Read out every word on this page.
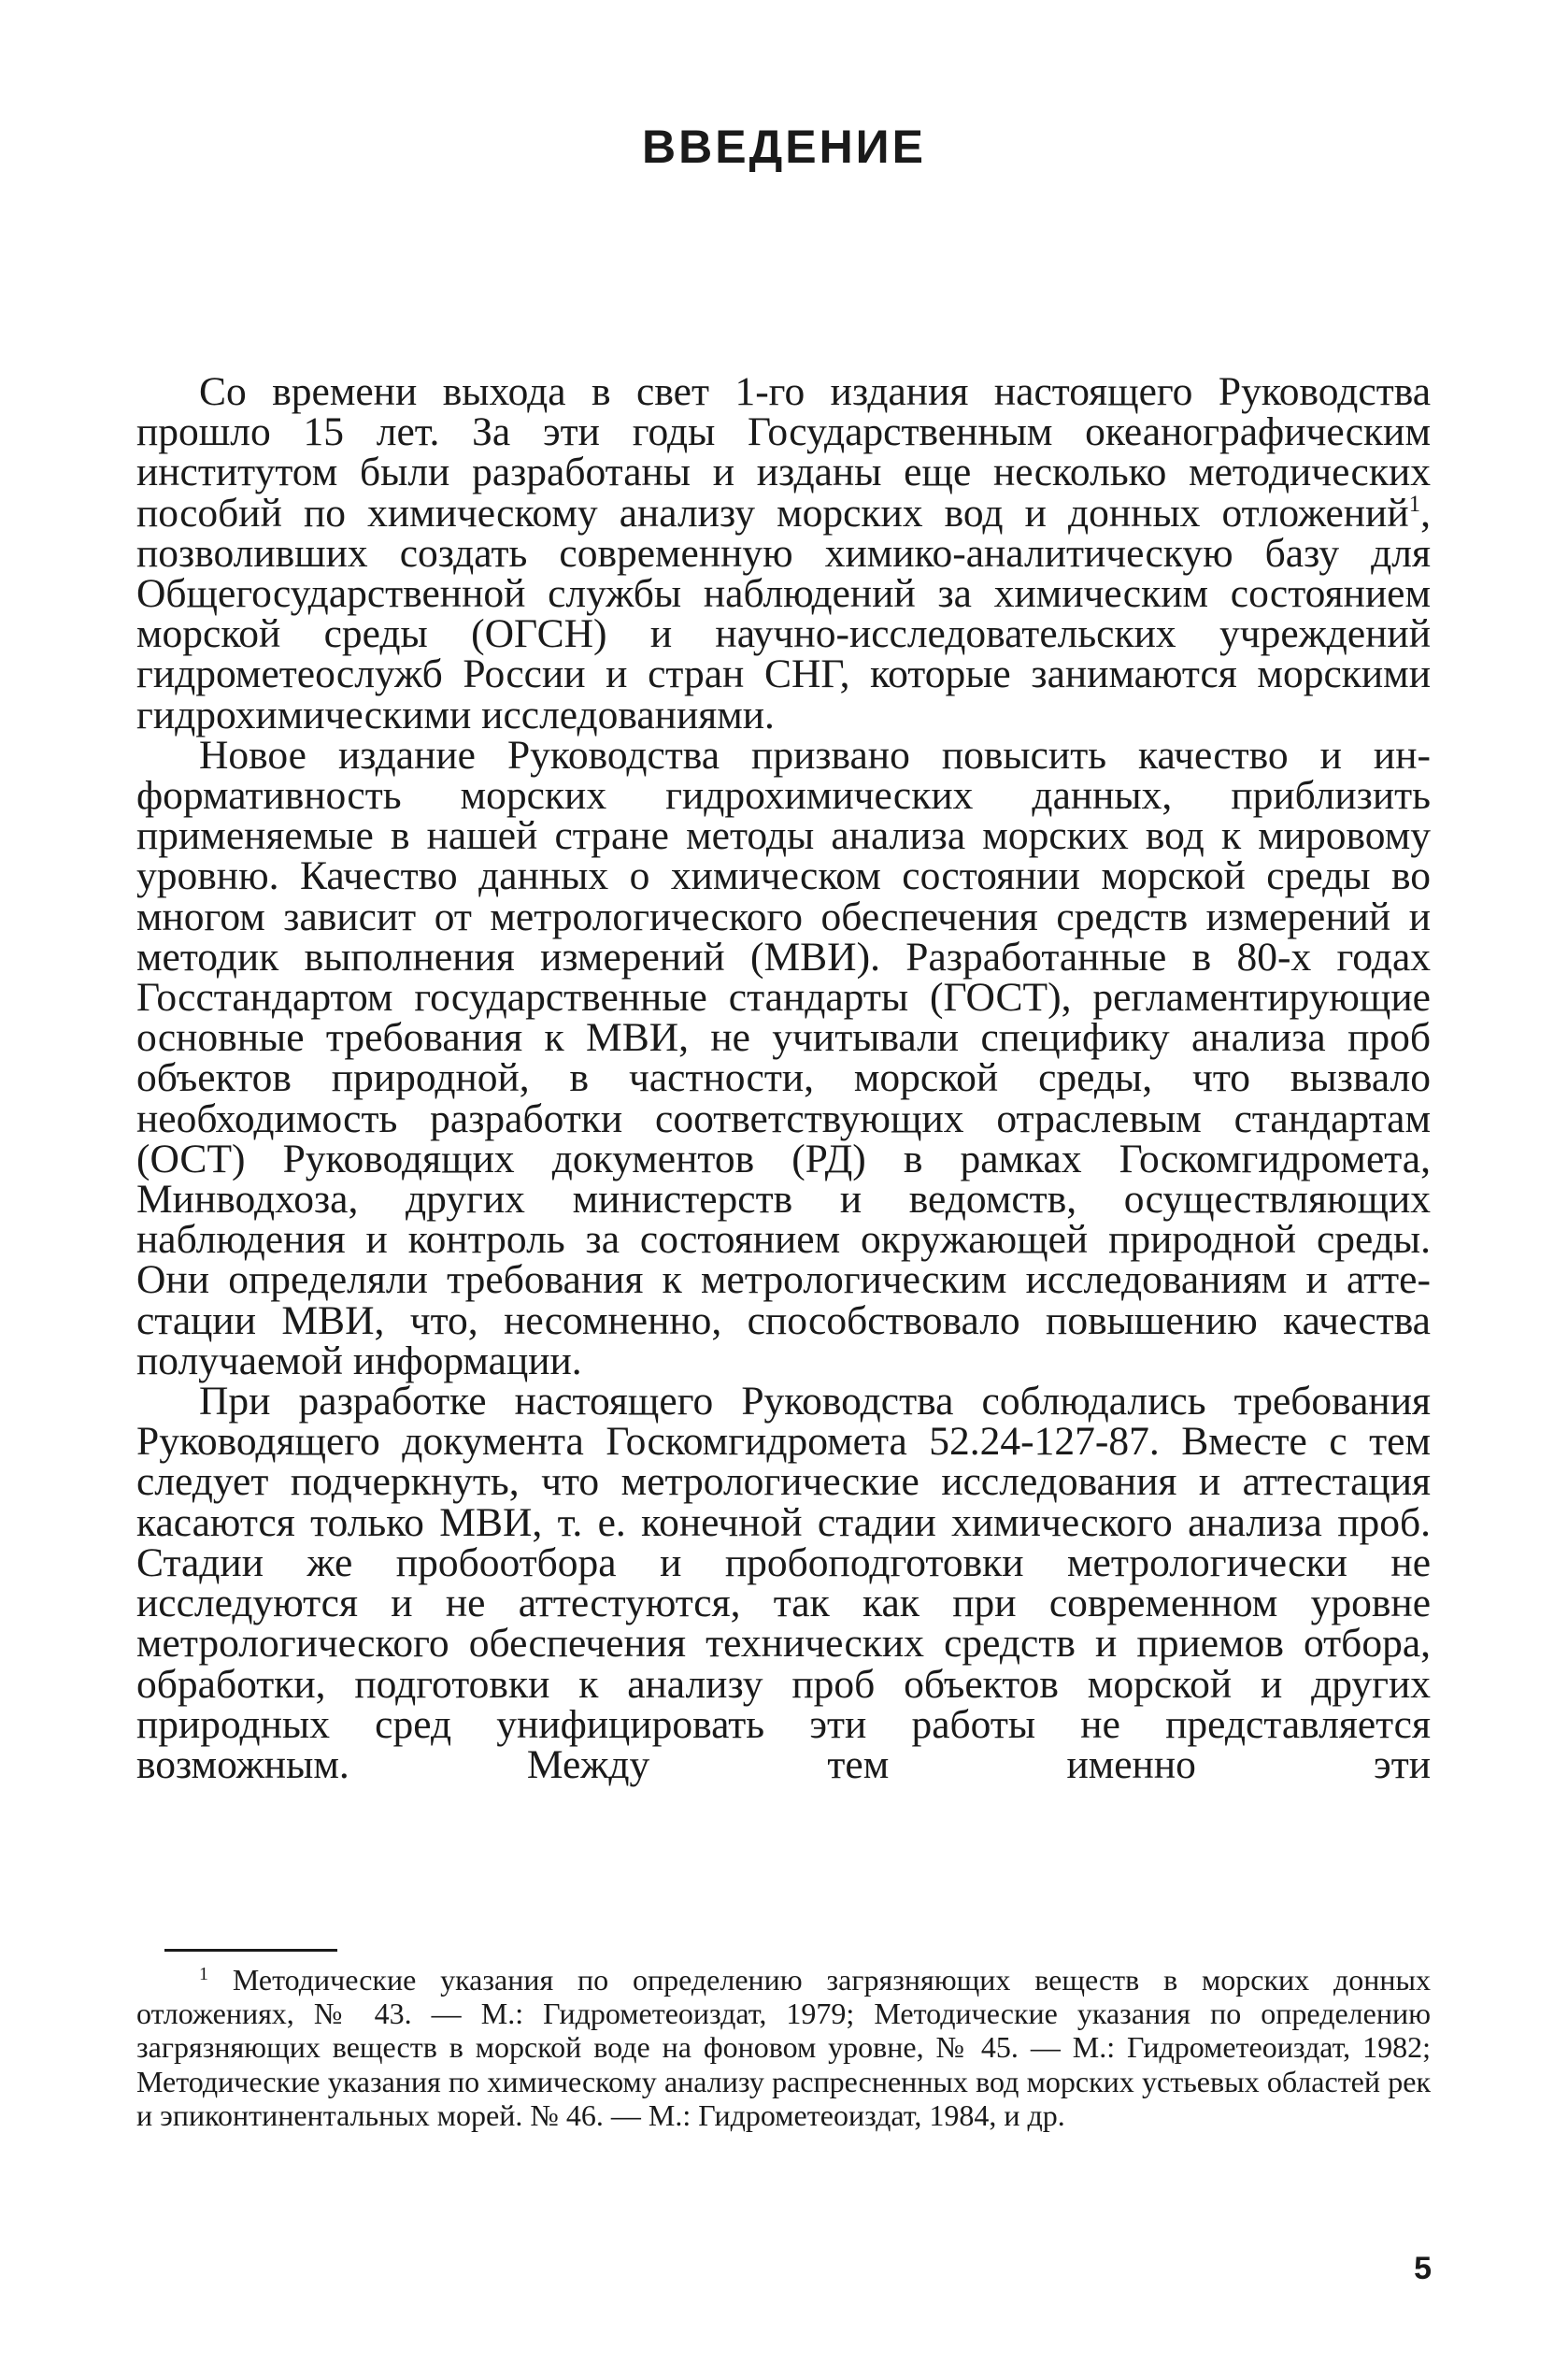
ВВЕДЕНИЕ

Со времени выхода в свет 1-го издания настоящего Руководства прошло 15 лет. За эти годы Государственным океанографическим институтом были разработаны и изданы еще несколько методических пособий по химическому анализу морских вод и донных отложений$^1$, позволивших создать современную химико-аналитическую базу для Общегосударственной службы наблюдений за химическим состоянием морской среды (ОГСН) и научно-исследовательских учреждений гидрометеослужб России и стран СНГ, которые занимаются морскими гидрохимическими исследованиями.

Новое издание Руководства призвано повысить качество и информативность морских гидрохимических данных, приблизить применяемые в нашей стране методы анализа морских вод к мировому уровню. Качество данных о химическом состоянии морской среды во многом зависит от метрологического обеспечения средств измерений и методик выполнения измерений (МВИ). Разработанные в 80-х годах Госстандартом государственные стандарты (ГОСТ), регламентирующие основные требования к МВИ, не учитывали специфику анализа проб объектов природной, в частности, морской среды, что вызвало необходимость разработки соответствующих отраслевым стандартам (ОСТ) Руководящих документов (РД) в рамках Госкомгидромета, Минводхоза, других министерств и ведомств, осуществляющих наблюдения и контроль за состоянием окружающей природной среды. Они определяли требования к метрологическим исследованиям и аттестации МВИ, что, несомненно, способствовало повышению качества получаемой информации.

При разработке настоящего Руководства соблюдались требования Руководящего документа Госкомгидромета 52.24-127-87. Вместе с тем следует подчеркнуть, что метрологические исследования и аттестация касаются только МВИ, т. е. конечной стадии химического анализа проб. Стадии же пробоотбора и пробоподготовки метрологически не исследуются и не аттестуются, так как при современном уровне метрологического обеспечения технических средств и приемов отбора, обработки, подготовки к анализу проб объектов морской и других природных сред унифицировать эти работы не представляется возможным. Между тем именно эти

$^1$ Методические указания по определению загрязняющих веществ в морских донных отложениях, № 43. — М.: Гидрометеоиздат, 1979; Методические указания по определению загрязняющих веществ в морской воде на фоновом уровне, № 45. — М.: Гидрометеоиздат, 1982; Методические указания по химическому анализу распресненных вод морских устьевых областей рек и эпиконтинентальных морей. № 46. — М.: Гидрометеоиздат, 1984, и др.

5
